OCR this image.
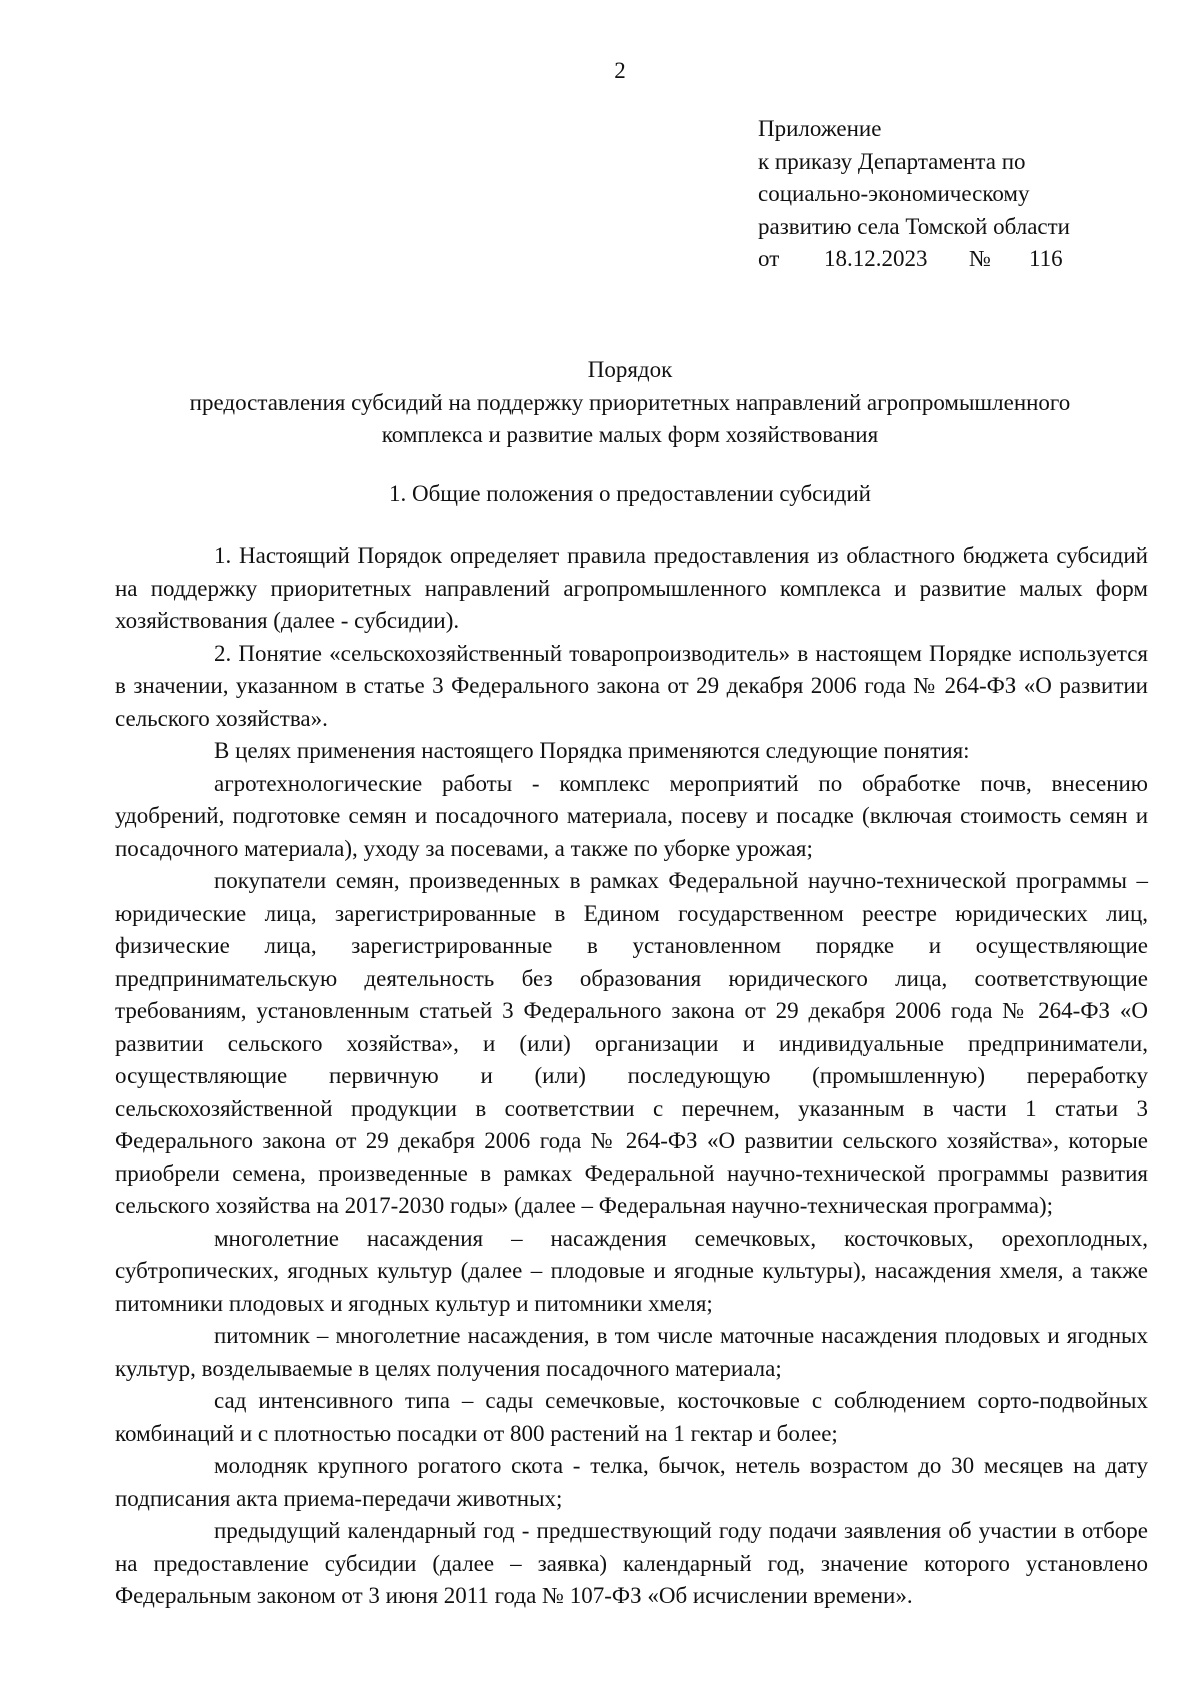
2
Приложение
к приказу Департамента по
социально-экономическому
развитию села Томской области
от 18.12.2023 № 116
Порядок
предоставления субсидий на поддержку приоритетных направлений агропромышленного
комплекса и развитие малых форм хозяйствования
1. Общие положения о предоставлении субсидий

1. Настоящий Порядок определяет правила предоставления из областного бюджета субсидий на поддержку приоритетных направлений агропромышленного комплекса и развитие малых форм хозяйствования (далее - субсидии).

2. Понятие «сельскохозяйственный товаропроизводитель» в настоящем Порядке используется в значении, указанном в статье 3 Федерального закона от 29 декабря 2006 года № 264-ФЗ «О развитии сельского хозяйства».

В целях применения настоящего Порядка применяются следующие понятия:

агротехнологические работы - комплекс мероприятий по обработке почв, внесению удобрений, подготовке семян и посадочного материала, посеву и посадке (включая стоимость семян и посадочного материала), уходу за посевами, а также по уборке урожая;

покупатели семян, произведенных в рамках Федеральной научно-технической программы – юридические лица, зарегистрированные в Едином государственном реестре юридических лиц, физические лица, зарегистрированные в установленном порядке и осуществляющие предпринимательскую деятельность без образования юридического лица, соответствующие требованиям, установленным статьей 3 Федерального закона от 29 декабря 2006 года № 264-ФЗ «О развитии сельского хозяйства», и (или) организации и индивидуальные предприниматели, осуществляющие первичную и (или) последующую (промышленную) переработку сельскохозяйственной продукции в соответствии с перечнем, указанным в части 1 статьи 3 Федерального закона от 29 декабря 2006 года № 264-ФЗ «О развитии сельского хозяйства», которые приобрели семена, произведенные в рамках Федеральной научно-технической программы развития сельского хозяйства на 2017-2030 годы» (далее – Федеральная научно-техническая программа);

многолетние насаждения – насаждения семечковых, косточковых, орехоплодных, субтропических, ягодных культур (далее – плодовые и ягодные культуры), насаждения хмеля, а также питомники плодовых и ягодных культур и питомники хмеля;

питомник – многолетние насаждения, в том числе маточные насаждения плодовых и ягодных культур, возделываемые в целях получения посадочного материала;

сад интенсивного типа – сады семечковые, косточковые с соблюдением сорто-подвойных комбинаций и с плотностью посадки от 800 растений на 1 гектар и более;

молодняк крупного рогатого скота - телка, бычок, нетель возрастом до 30 месяцев на дату подписания акта приема-передачи животных;

предыдущий календарный год - предшествующий году подачи заявления об участии в отборе на предоставление субсидии (далее – заявка) календарный год, значение которого установлено Федеральным законом от 3 июня 2011 года № 107-ФЗ «Об исчислении времени».
